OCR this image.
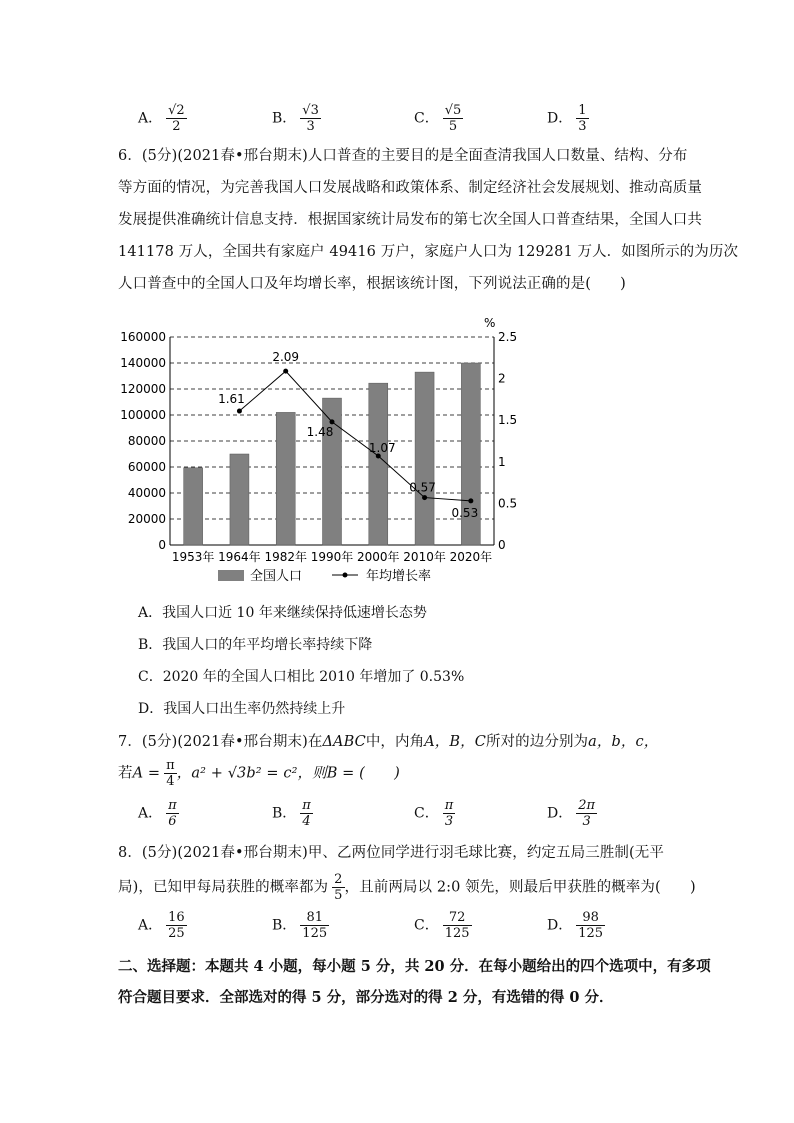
A． $\frac{√2}{2}$	B． $\frac{√3}{3}$	C． $\frac{√5}{5}$	D． $\frac{1}{3}$
6．(5分)(2021春•邢台期末)人口普查的主要目的是全面查清我国人口数量、结构、分布
等方面的情况，为完善我国人口发展战略和政策体系、制定经济社会发展规划、推动高质量
发展提供准确统计信息支持．根据国家统计局发布的第七次全国人口普查结果，全国人口共
141178 万人，全国共有家庭户 49416 万户，家庭户人口为 129281 万人．如图所示的为历次
人口普查中的全国人口及年均增长率，根据该统计图，下列说法正确的是(　　)
0
20000
40000
60000
80000
100000
120000
140000
160000
0
0.5
1
1.5
2
2.5
%
1953年 1964年 1982年 1990年 2000年 2010年 2020年
1.61
2.09
1.48
1.07
0.57
0.53
全国人口	年均增长率
A．我国人口近 10 年来继续保持低速增长态势
B．我国人口的年平均增长率持续下降
C．2020 年的全国人口相比 2010 年增加了 0.53%
D．我国人口出生率仍然持续上升
7．(5分)(2021春•邢台期末)在ΔABC中，内角A，B，C所对的边分别为a，b，c，
若$A = \frac{\pi}{4}$ ，a² + √3b² = c²，则B = (　　)
A． $\frac{\pi}{6}$	B． $\frac{\pi}{4}$	C． $\frac{\pi}{3}$	D． $\frac{2\pi}{3}$
8．(5分)(2021春•邢台期末)甲、乙两位同学进行羽毛球比赛，约定五局三胜制(无平
局)，已知甲每局获胜的概率都为 $\frac{2}{5}$ ，且前两局以 2:0 领先，则最后甲获胜的概率为(　　)
A． $\frac{16}{25}$	B． $\frac{81}{125}$	C． $\frac{72}{125}$	D． $\frac{98}{125}$
二、选择题：本题共 4 小题，每小题 5 分，共 20 分．在每小题给出的四个选项中，有多项
符合题目要求．全部选对的得 5 分，部分选对的得 2 分，有选错的得 0 分．
